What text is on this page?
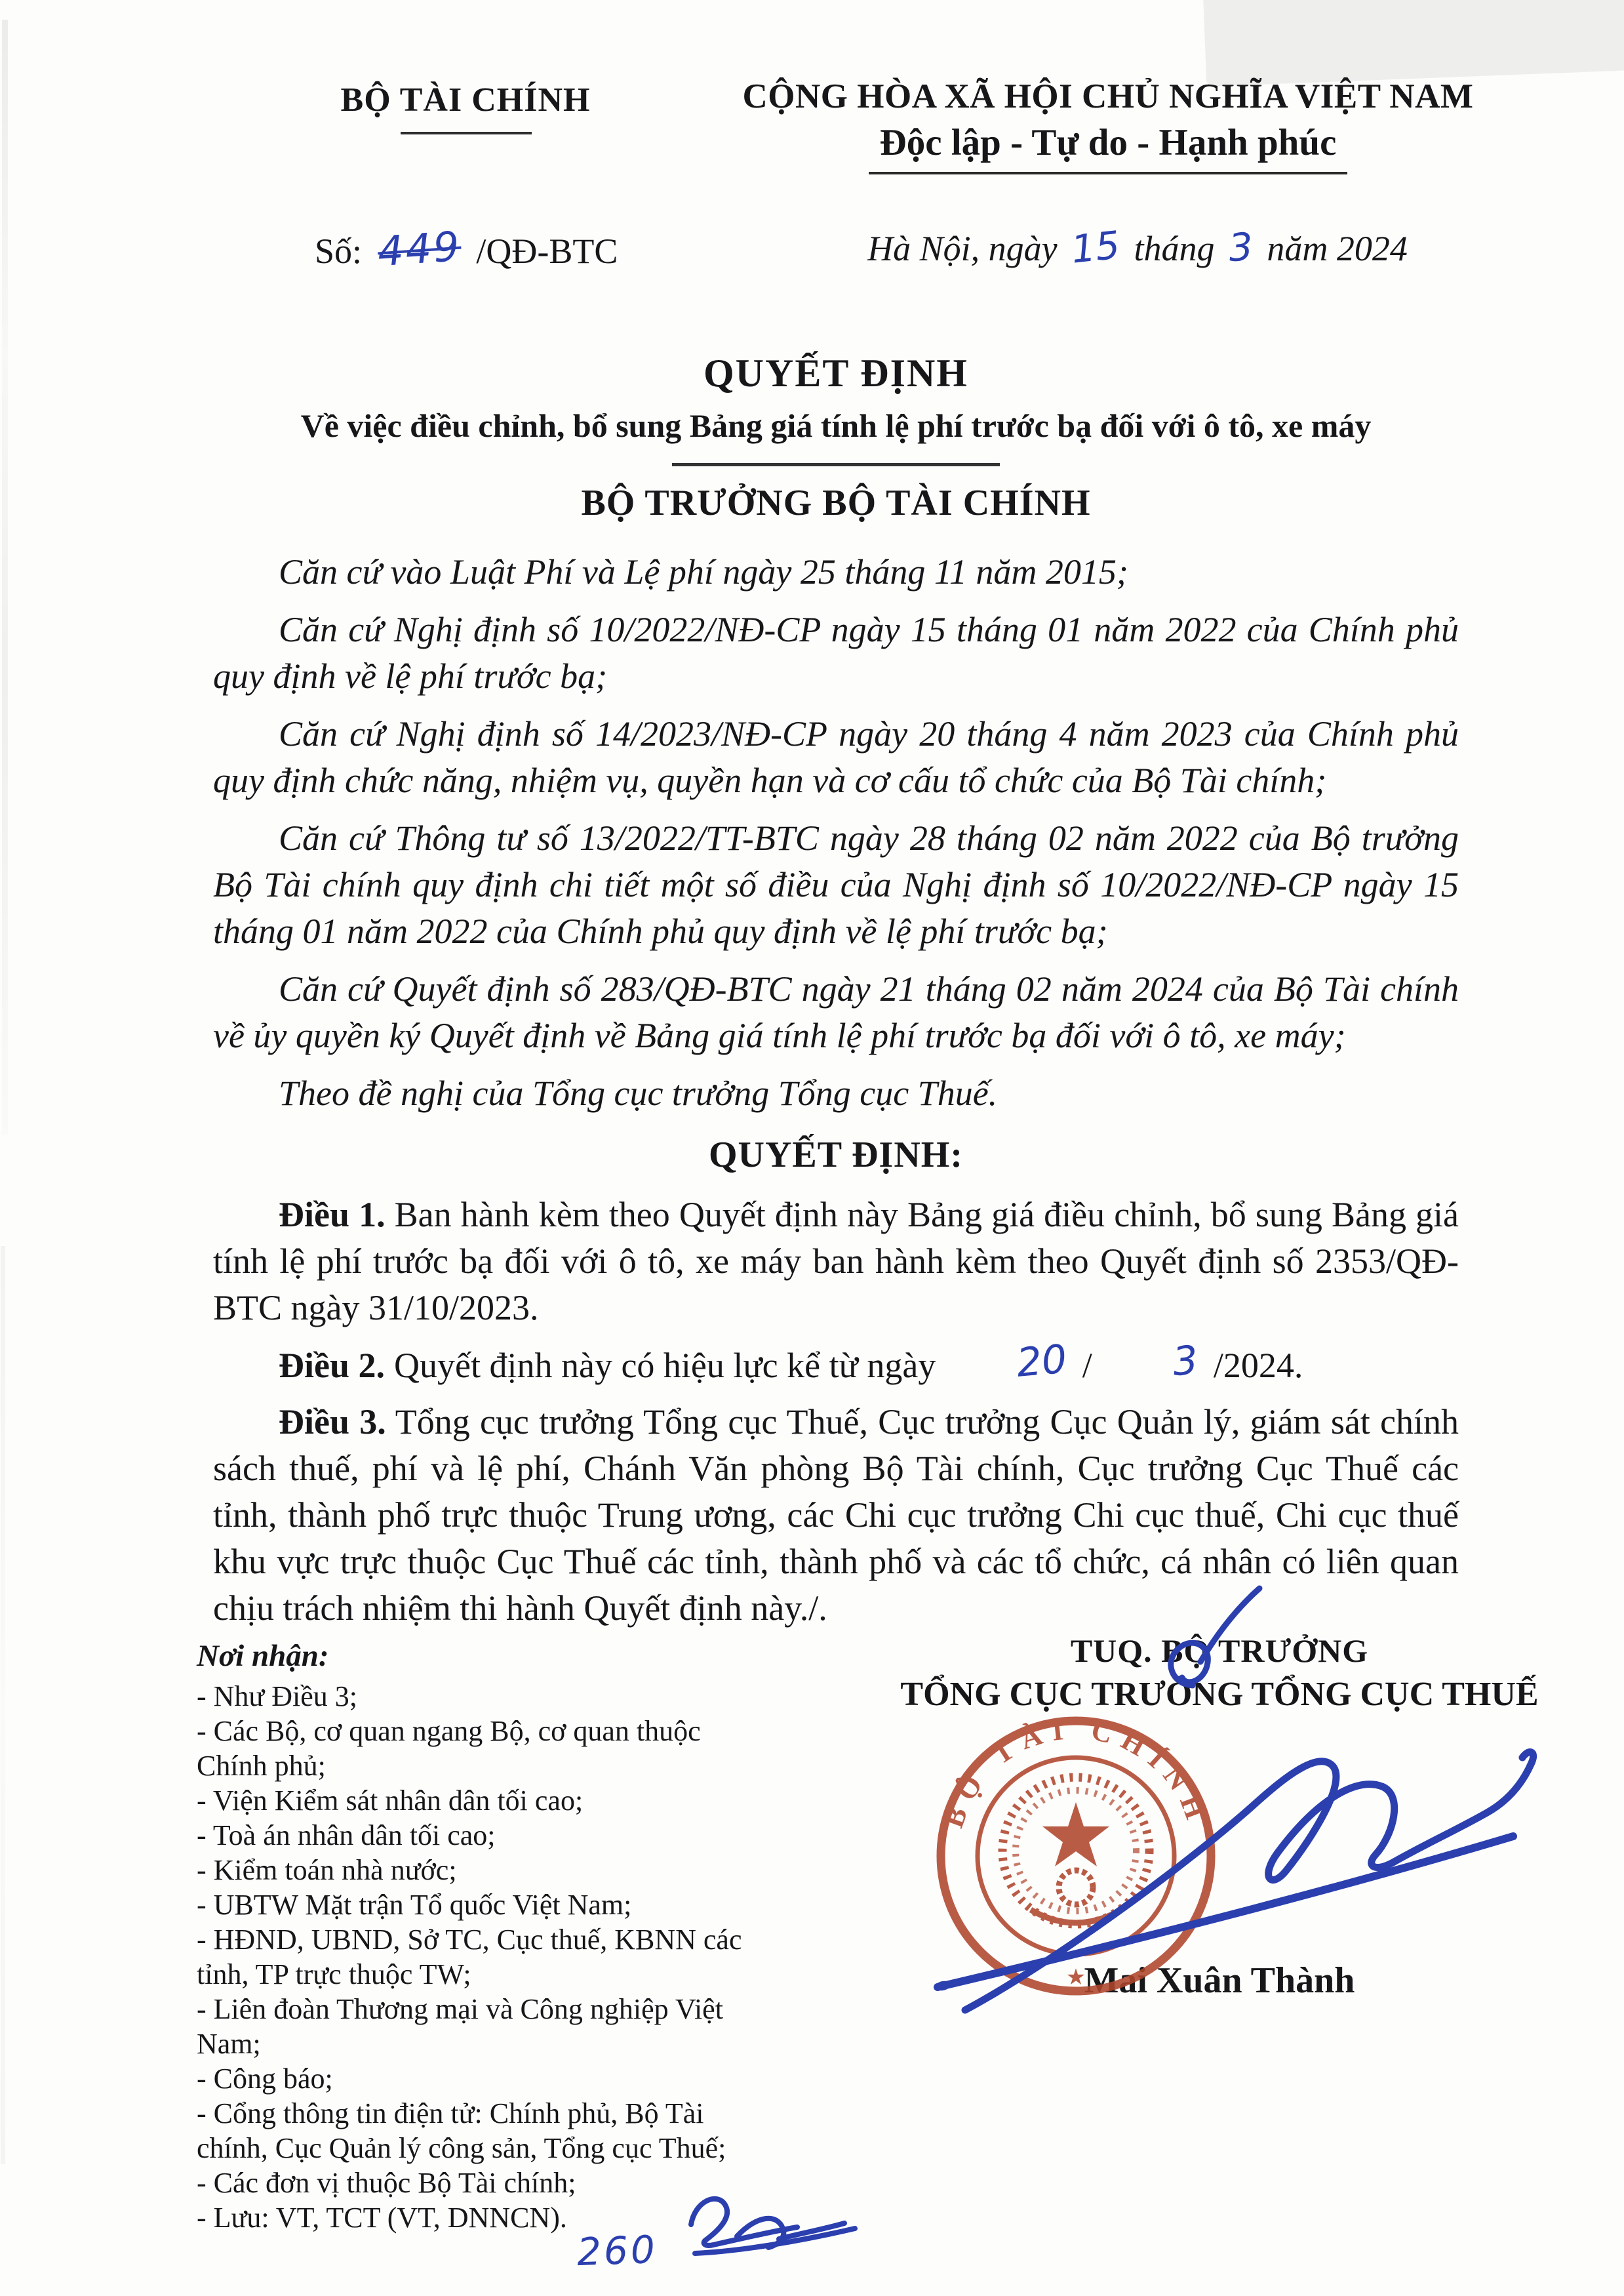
BỘ TÀI CHÍNH	CỘNG HÒA XÃ HỘI CHỦ NGHĨA VIỆT NAM
Độc lập - Tự do - Hạnh phúc
Số: 449 /QĐ-BTC	Hà Nội, ngày 15 tháng 3 năm 2024
QUYẾT ĐỊNH
Về việc điều chỉnh, bổ sung Bảng giá tính lệ phí trước bạ đối với ô tô, xe máy
BỘ TRƯỞNG BỘ TÀI CHÍNH

Căn cứ vào Luật Phí và Lệ phí ngày 25 tháng 11 năm 2015;

Căn cứ Nghị định số 10/2022/NĐ-CP ngày 15 tháng 01 năm 2022 của Chính phủ quy định về lệ phí trước bạ;

Căn cứ Nghị định số 14/2023/NĐ-CP ngày 20 tháng 4 năm 2023 của Chính phủ quy định chức năng, nhiệm vụ, quyền hạn và cơ cấu tổ chức của Bộ Tài chính;

Căn cứ Thông tư số 13/2022/TT-BTC ngày 28 tháng 02 năm 2022 của Bộ trưởng Bộ Tài chính quy định chi tiết một số điều của Nghị định số 10/2022/NĐ-CP ngày 15 tháng 01 năm 2022 của Chính phủ quy định về lệ phí trước bạ;

Căn cứ Quyết định số 283/QĐ-BTC ngày 21 tháng 02 năm 2024 của Bộ Tài chính về ủy quyền ký Quyết định về Bảng giá tính lệ phí trước bạ đối với ô tô, xe máy;

Theo đề nghị của Tổng cục trưởng Tổng cục Thuế.

QUYẾT ĐỊNH:

Điều 1. Ban hành kèm theo Quyết định này Bảng giá điều chỉnh, bổ sung Bảng giá tính lệ phí trước bạ đối với ô tô, xe máy ban hành kèm theo Quyết định số 2353/QĐ-BTC ngày 31/10/2023.

Điều 2. Quyết định này có hiệu lực kể từ ngày 20 / 3 /2024.

Điều 3. Tổng cục trưởng Tổng cục Thuế, Cục trưởng Cục Quản lý, giám sát chính sách thuế, phí và lệ phí, Chánh Văn phòng Bộ Tài chính, Cục trưởng Cục Thuế các tỉnh, thành phố trực thuộc Trung ương, các Chi cục trưởng Chi cục thuế, Chi cục thuế khu vực trực thuộc Cục Thuế các tỉnh, thành phố và các tổ chức, cá nhân có liên quan chịu trách nhiệm thi hành Quyết định này./.

Nơi nhận:
- Như Điều 3;
- Các Bộ, cơ quan ngang Bộ, cơ quan thuộc Chính phủ;
- Viện Kiểm sát nhân dân tối cao;
- Toà án nhân dân tối cao;
- Kiểm toán nhà nước;
- UBTW Mặt trận Tổ quốc Việt Nam;
- HĐND, UBND, Sở TC, Cục thuế, KBNN các tỉnh, TP trực thuộc TW;
- Liên đoàn Thương mại và Công nghiệp Việt Nam;
- Công báo;
- Cổng thông tin điện tử: Chính phủ, Bộ Tài chính, Cục Quản lý công sản, Tổng cục Thuế;
- Các đơn vị thuộc Bộ Tài chính;
- Lưu: VT, TCT (VT, DNNCN).
TUQ. BỘ TRƯỞNG
TỔNG CỤC TRƯỞNG TỔNG CỤC THUẾ
Mai Xuân Thành
BỘ TÀI CHÍNH
★
260
